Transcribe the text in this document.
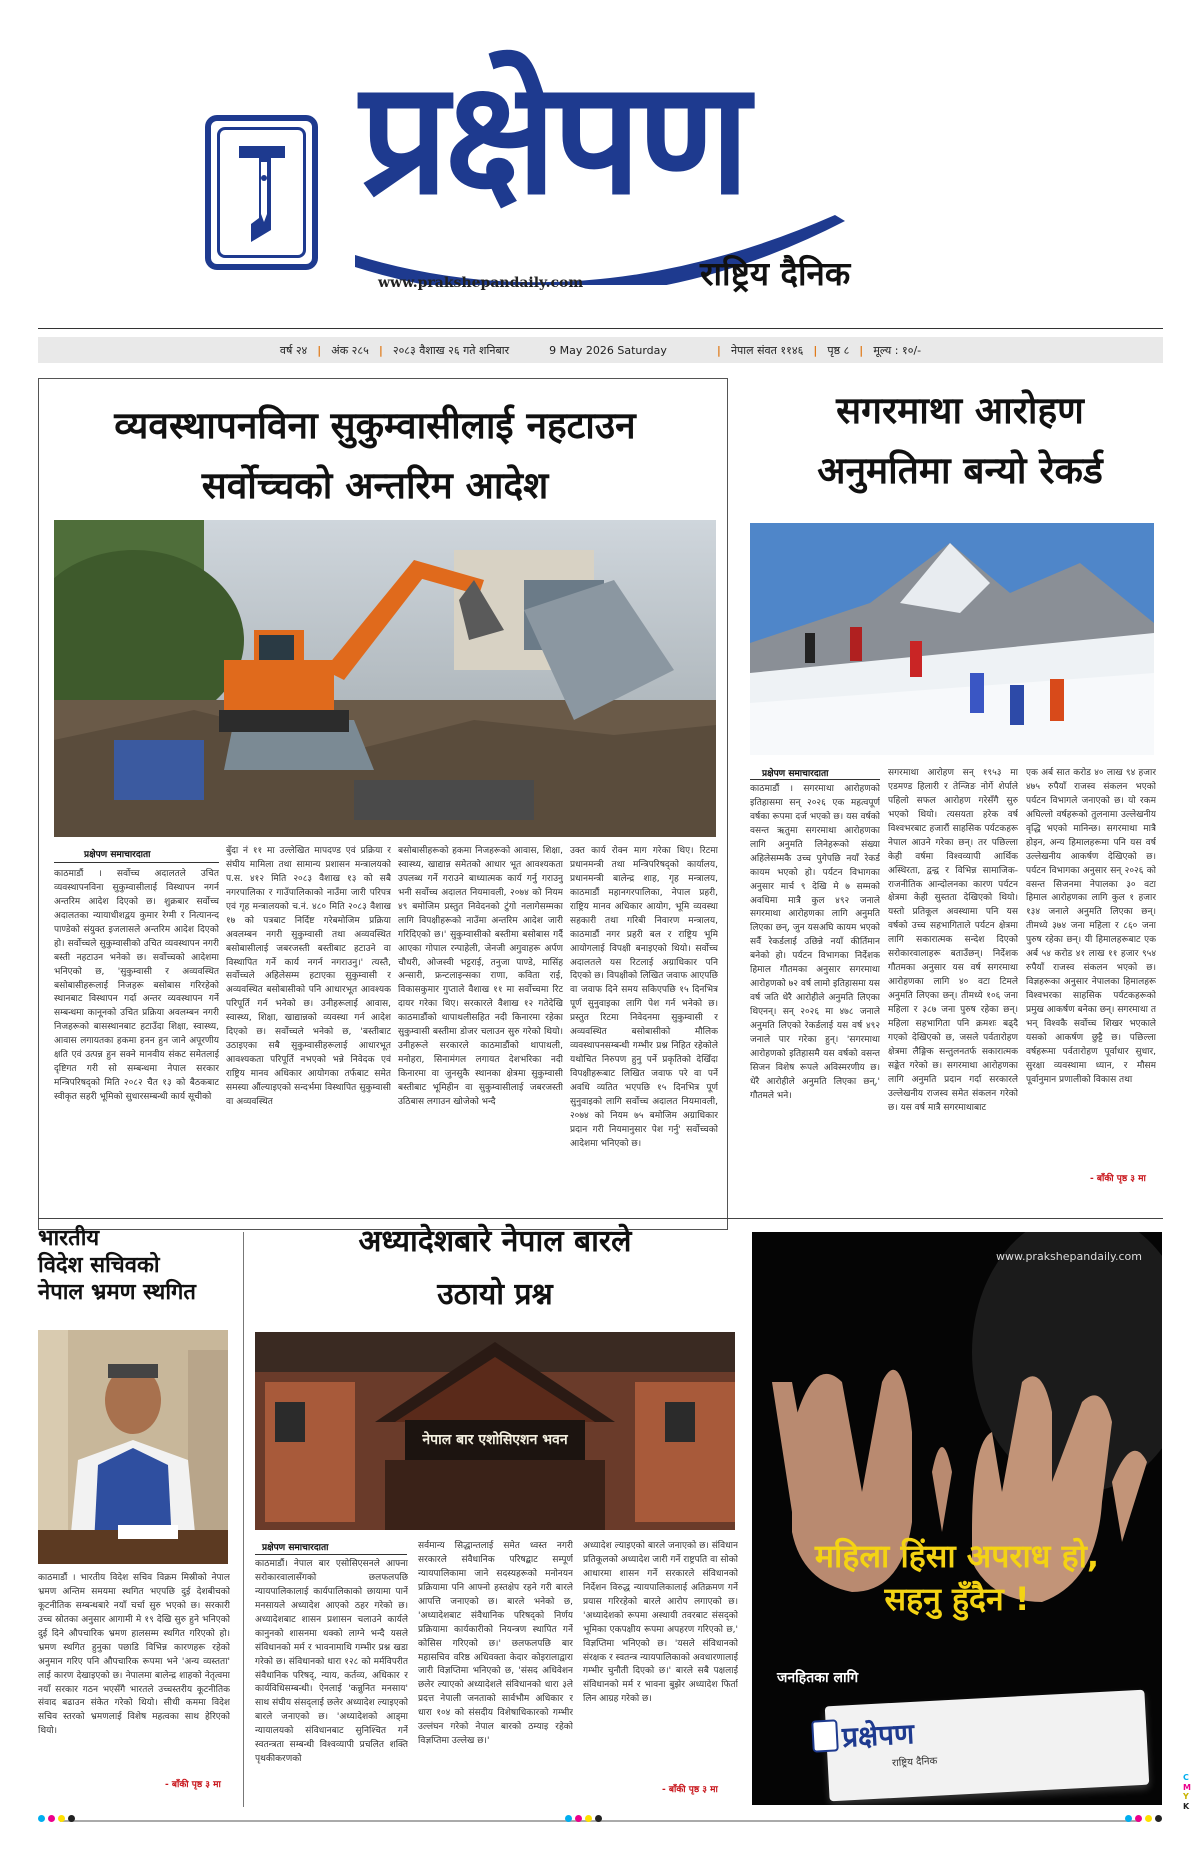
प्रक्षेपण
राष्ट्रिय दैनिक
www.prakshepandaily.com
वर्ष २४ | अंक २८५ | २०८३ वैशाख २६ गते शनिबार	9 May 2026 Saturday	| नेपाल संवत ११४६ | पृष्ठ ८ | मूल्य : १०/-
व्यवस्थापनविना सुकुम्वासीलाई नहटाउन
सर्वोच्चको अन्तरिम आदेश
प्रक्षेपण समाचारदाता
काठमाडौं । सर्वोच्च अदालतले उचित व्यवस्थापनविना सुकुम्वासीलाई विस्थापन नगर्न अन्तरिम आदेश दिएको छ। शुक्रबार सर्वोच्च अदालतका न्यायाधीशद्वय कुमार रेग्मी र नित्यानन्द पाण्डेको संयुक्त इजलासले अन्तरिम आदेश दिएको हो। सर्वोच्चले सुकुम्वासीको उचित व्यवस्थापन नगरी बस्ती नहटाउन भनेको छ। सर्वोच्चको आदेशमा भनिएको छ, 'सुकुम्वासी र अव्यवस्थित बसोबासीहरूलाई निजहरू बसोबास गरिरहेको स्थानबाट विस्थापन गर्दा अन्तर व्यवस्थापन गर्ने सम्बन्धमा कानूनको उचित प्रक्रिया अवलम्बन नगरी निजहरूको बासस्थानबाट हटाउँदा शिक्षा, स्वास्थ्य, आवास लगायतका हकमा हनन हुन जाने अपूरणीय क्षति एवं उत्पन्न हुन सक्ने मानवीय संकट समेतलाई दृष्टिगत गरी सो सम्बन्धमा नेपाल सरकार मन्त्रिपरिषद्को मिति २०८२ चैत १३ को बैठकबाट स्वीकृत सहरी भूमिको सुधारसम्बन्धी कार्य सूचीको
बुँदा नं ११ मा उल्लेखित मापदण्ड एवं प्रक्रिया र संघीय मामिला तथा सामान्य प्रशासन मन्त्रालयको प.स. ४१२ मिति २०८३ वैशाख १३ को सबै नगरपालिका र गाउँपालिकाको नाउँमा जारी परिपत्र एवं गृह मन्त्रालयको च.नं. ४८० मिति २०८३ वैशाख १७ को पत्रबाट निर्दिष्ट गरेबमोजिम प्रक्रिया अवलम्बन नगरी सुकुम्वासी तथा अव्यवस्थित बसोबासीलाई जबरजस्ती बस्तीबाट हटाउने वा विस्थापित गर्ने कार्य नगर्न नगराउनु।' त्यस्तै, सर्वोच्चले अहिलेसम्म हटाएका सुकुम्वासी र अव्यवस्थित बसोबासीको पनि आधारभूत आवश्यक परिपूर्ति गर्न भनेको छ। उनीहरूलाई आवास, स्वास्थ्य, शिक्षा, खाद्यान्नको व्यवस्था गर्न आदेश दिएको छ। सर्वोच्चले भनेको छ, 'बस्तीबाट उठाइएका सबै सुकुम्वासीहरूलाई आधारभूत आवश्यकता परिपूर्ति नभएको भन्ने निवेदक एवं राष्ट्रिय मानव अधिकार आयोगका तर्फबाट समेत समस्या औंल्याइएको सन्दर्भमा विस्थापित सुकुम्वासी वा अव्यवस्थित
बसोबासीहरूको हकमा निजहरूको आवास, शिक्षा, स्वास्थ्य, खाद्यान्न समेतको आधार भूत आवश्यकता उपलब्ध गर्ने गराउने बाध्यात्मक कार्य गर्नु गराउनु भनी सर्वोच्च अदालत नियमावली, २०७४ को नियम ४९ बमोजिम प्रस्तुत निवेदनको टुंगो नलागेसम्मका लागि विपक्षीहरूको नाउँमा अन्तरिम आदेश जारी गरिदिएको छ।' सुकुम्वासीको बस्तीमा बसोबास गर्दै आएका गोपाल रन्पाहेली, जेनजी अगुवाहरू अर्पण चौधरी, ओजस्वी भट्टराई, तनुजा पाण्डे, मासिंह अन्सारी, फ्रन्टलाइन्सका राणा, कविता राई, विकासकुमार गुप्ताले वैशाख ११ मा सर्वोच्चमा रिट दायर गरेका थिए। सरकारले वैशाख १२ गतेदेखि काठमाडौंको थापाथलीसहित नदी किनारमा रहेका सुकुम्वासी बस्तीमा डोजर चलाउन सुरु गरेको थियो। उनीहरूले सरकारले काठमाडौंको थापाथली, मनोहरा, सिनामंगल लगायत देशभरिका नदी किनारमा वा जुनसुकै स्थानका क्षेत्रमा सुकुम्वासी बस्तीबाट भूमिहीन वा सुकुम्वासीलाई जबरजस्ती उठिबास लगाउन खोजेको भन्दै
उक्त कार्य रोक्न माग गरेका थिए। रिटमा प्रधानमन्त्री तथा मन्त्रिपरिषद्को कार्यालय, प्रधानमन्त्री बालेन्द्र शाह, गृह मन्त्रालय, काठमाडौं महानगरपालिका, नेपाल प्रहरी, राष्ट्रिय मानव अधिकार आयोग, भूमि व्यवस्था सहकारी तथा गरिबी निवारण मन्त्रालय, काठमाडौं नगर प्रहरी बल र राष्ट्रिय भूमि आयोगलाई विपक्षी बनाइएको थियो। सर्वोच्च अदालतले यस रिटलाई अग्राधिकार पनि दिएको छ। विपक्षीको लिखित जवाफ आएपछि वा जवाफ दिने समय सकिएपछि १५ दिनभित्र पूर्ण सुनुवाइका लागि पेश गर्न भनेको छ। प्रस्तुत रिटमा निवेदनमा सुकुम्वासी र अव्यवस्थित बसोबासीको मौलिक व्यवस्थापनसम्बन्धी गम्भीर प्रश्न निहित रहेकोले यथोचित निरुपण हुनु पर्ने प्रकृतिको देखिँदा विपक्षीहरूबाट लिखित जवाफ परे वा पर्ने अवधि व्यतित भएपछि १५ दिनभित्र पूर्ण सुनुवाइको लागि सर्वोच्च अदालत नियमावली, २०७४ को नियम ७५ बमोजिम अग्राधिकार प्रदान गरी नियमानुसार पेश गर्नु' सर्वोच्चको आदेशमा भनिएको छ।
सगरमाथा आरोहण
अनुमतिमा बन्यो रेकर्ड
प्रक्षेपण समाचारदाता
काठमाडौं । सगरमाथा आरोहणको इतिहासमा सन् २०२६ एक महत्वपूर्ण वर्षका रूपमा दर्ज भएको छ। यस वर्षको वसन्त ऋतुमा सगरमाथा आरोहणका लागि अनुमति लिनेहरूको संख्या अहिलेसम्मकै उच्च पुगेपछि नयाँ रेकर्ड कायम भएको हो। पर्यटन विभागका अनुसार मार्च ९ देखि मे ७ सम्मको अवधिमा मात्रै कुल ४९२ जनाले सगरमाथा आरोहणका लागि अनुमति लिएका छन्, जुन यसअघि कायम भएको सर्वै रेकर्डलाई उछिन्ने नयाँ कीर्तिमान बनेको हो। पर्यटन विभागका निर्देशक हिमाल गौतमका अनुसार सगरमाथा आरोहणको ७२ वर्ष लामो इतिहासमा यस वर्ष जति धेरै आरोहीले अनुमति लिएका थिएनन्। सन् २०२६ मा ४७८ जनाले अनुमति लिएको रेकर्डलाई यस वर्ष ४९२ जनाले पार गरेका हुन्। 'सगरमाथा आरोहणको इतिहासमै यस वर्षको वसन्त सिजन विशेष रूपले अविस्मरणीय छ। धेरै आरोहीले अनुमति लिएका छन्,' गौतमले भने।
सगरमाथा आरोहण सन् १९५३ मा एडमण्ड हिलारी र तेन्जिङ नोर्गे शेर्पाले पहिलो सफल आरोहण गरेसँगै सुरु भएको थियो। त्यसयता हरेक वर्ष विश्वभरबाट हजारौं साहसिक पर्यटकहरू नेपाल आउने गरेका छन्। तर पछिल्ला केही वर्षमा विश्वव्यापी आर्थिक अस्थिरता, द्वन्द्व र विभिन्न सामाजिक-राजनीतिक आन्दोलनका कारण पर्यटन क्षेत्रमा केही सुस्तता देखिएको थियो। यस्तो प्रतिकूल अवस्थामा पनि यस वर्षको उच्च सहभागिताले पर्यटन क्षेत्रमा लागि सकारात्मक सन्देश दिएको सरोकारवालाहरू बताउँछन्। निर्देशक गौतमका अनुसार यस वर्ष सगरमाथा आरोहणका लागि ४० वटा टिमले अनुमति लिएका छन्। तीमध्ये १०६ जना महिला र ३८७ जना पुरुष रहेका छन्। महिला सहभागिता पनि क्रमशः बढ्दै गएको देखिएको छ, जसले पर्वतारोहण क्षेत्रमा लैङ्गिक सन्तुलनतर्फ सकारात्मक सङ्केत गरेको छ। सगरमाथा आरोहणका लागि अनुमति प्रदान गर्दा सरकारले उल्लेखनीय राजस्व समेत संकलन गरेको छ। यस वर्ष मात्रै सगरमाथाबाट
एक अर्ब सात करोड ४० लाख ९४ हजार ४७५ रुपैयाँ राजस्व संकलन भएको पर्यटन विभागले जनाएको छ। यो रकम अघिल्लो वर्षहरूको तुलनामा उल्लेखनीय वृद्धि भएको मानिन्छ। सगरमाथा मात्रै होइन, अन्य हिमालहरूमा पनि यस वर्ष उल्लेखनीय आकर्षण देखिएको छ। पर्यटन विभागका अनुसार सन् २०२६ को वसन्त सिजनमा नेपालका ३० वटा हिमाल आरोहणका लागि कुल १ हजार १३४ जनाले अनुमति लिएका छन्। तीमध्ये ३७४ जना महिला र ८६० जना पुरुष रहेका छन्। यी हिमालहरूबाट एक अर्ब ५४ करोड ४१ लाख ११ हजार ९५४ रुपैयाँ राजस्व संकलन भएको छ। विज्ञहरूका अनुसार नेपालका हिमालहरू विश्वभरका साहसिक पर्यटकहरूको प्रमुख आकर्षण बनेका छन्। सगरमाथा त भन् विश्वकै सर्वोच्च शिखर भएकाले यसको आकर्षण छुट्टै छ। पछिल्ला वर्षहरूमा पर्वतारोहण पूर्वाधार सुधार, सुरक्षा व्यवस्थामा ध्यान, र मौसम पूर्वानुमान प्रणालीको विकास तथा
- बाँकी पृष्ठ ३ मा
भारतीय
विदेश सचिवको
नेपाल भ्रमण स्थगित
काठमाडौं । भारतीय विदेश सचिव विक्रम मिस्रीको नेपाल भ्रमण अन्तिम समयमा स्थगित भएपछि दुई देशबीचको कूटनीतिक सम्बन्धबारे नयाँ चर्चा सुरु भएको छ। सरकारी उच्च स्रोतका अनुसार आगामी मे १९ देखि सुरु हुने भनिएको दुई दिने औपचारिक भ्रमण हालसम्म स्थगित गरिएको हो। भ्रमण स्थगित हुनुका पछाडि विभिन्न कारणहरू रहेको अनुमान गरिए पनि औपचारिक रूपमा भने 'अन्य व्यस्तता' लाई कारण देखाइएको छ। नेपालमा बालेन्द्र शाहको नेतृत्वमा नयाँ सरकार गठन भएसँगै भारतले उच्चस्तरीय कूटनीतिक संवाद बढाउन संकेत गरेको थियो। सीधी कममा विदेश सचिव स्तरको भ्रमणलाई विशेष महत्वका साथ हेरिएको थियो।
- बाँकी पृष्ठ ३ मा
अध्यादेशबारे नेपाल बारले
उठायो प्रश्न
नेपाल बार एशोसिएशन भवन
प्रक्षेपण समाचारदाता
काठमाडौं। नेपाल बार एसोसिएसनले आफ्ना सरोकारवालासँगको छलफलपछि न्यायपालिकालाई कार्यपालिकाको छायामा पार्ने मनसायले अध्यादेश आएको ठहर गरेको छ। अध्यादेशबाट शासन प्रशासन चलाउने कार्यले कानुनको शासनमा धक्को लाग्ने भन्दै यसले संविधानको मर्म र भावनामाथि गम्भीर प्रश्न खडा गरेको छ। संविधानको धारा १२८ को मर्मविपरीत संवैधानिक परिषद्, न्याय, कर्तव्य, अधिकार र कार्यविधिसम्बन्धी। ऐनलाई 'कन्नुनित मनसाय' साथ संघीय संसद्लाई छलेर अध्यादेश ल्याइएको बारले जनाएको छ। 'अध्यादेशको आड्मा न्यायालयको संविधानबाट सुनिश्चित गर्ने स्वतन्त्रता सम्बन्धी विश्वव्यापी प्रचलित शक्ति पृथकीकरणको
सर्वमान्य सिद्धान्तलाई समेत ध्वस्त नगरी सरकारले संवैधानिक परिषद्बाट सम्पूर्ण न्यायपालिकामा जाने सदस्यहरूको मनोनयन प्रक्रियामा पनि आफ्नो हस्तक्षेप रहने गरी बारले आपत्ति जनाएको छ। बारले भनेको छ, 'अध्यादेशबाट संवैधानिक परिषद्को निर्णय प्रक्रियामा कार्यकारीको नियन्त्रण स्थापित गर्ने कोसिस गरिएको छ।' छलफलपछि बार महासचिव वरिष्ठ अधिवक्ता केदार कोइरालाद्वारा जारी विज्ञप्तिमा भनिएको छ, 'संसद अधिवेशन छलेर ल्याएको अध्यादेशले संविधानको धारा ३ले प्रदत्त नेपाली जनताको सार्वभौम अधिकार र धारा १०४ को संसदीय विशेषाधिकारको गम्भीर उल्लंघन गरेको नेपाल बारको ठम्याइ रहेको विज्ञप्तिमा उल्लेख छ।'
अध्यादेश ल्याइएको बारले जनाएको छ। संविधान प्रतिकूलको अध्यादेश जारी गर्ने राष्ट्रपति वा सोको आधारमा शासन गर्ने सरकारले संविधानको निर्देशन विरुद्ध न्यायपालिकालाई अतिक्रमण गर्ने प्रयास गरिरहेको बारले आरोप लगाएको छ। 'अध्यादेशको रूपमा अस्थायी तवरबाट संसद्को भूमिका एकपक्षीय रूपमा अपहरण गरिएको छ,' विज्ञप्तिमा भनिएको छ। 'यसले संविधानको संरक्षक र स्वतन्त्र न्यायपालिकाको अवधारणालाई गम्भीर चुनौती दिएको छ।' बारले सबै पक्षलाई संविधानको मर्म र भावना बुझेर अध्यादेश फिर्ता लिन आग्रह गरेको छ।
- बाँकी पृष्ठ ३ मा
www.prakshepandaily.com
महिला हिंसा अपराध हो,
सहनु हुँदैन !
जनहितका लागि
प्रक्षेपण
राष्ट्रिय दैनिक
C
M
Y
K
